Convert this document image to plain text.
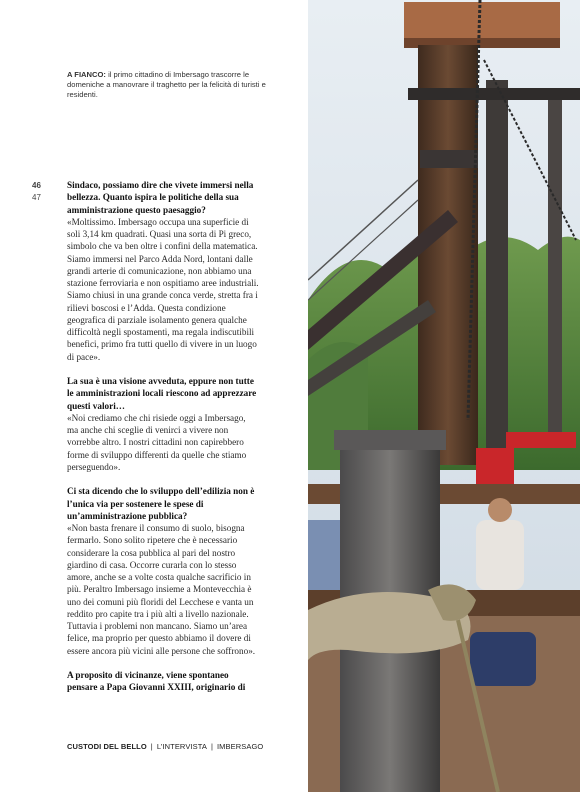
A FIANCO: il primo cittadino di Imbersago trascorre le domeniche a manovrare il traghetto per la felicità di turisti e residenti.
46
47

Sindaco, possiamo dire che vivete immersi nella bellezza. Quanto ispira le politiche della sua amministrazione questo paesaggio?
«Moltissimo. Imbersago occupa una superficie di soli 3,14 km quadrati. Quasi una sorta di Pi greco, simbolo che va ben oltre i confini della matematica. Siamo immersi nel Parco Adda Nord, lontani dalle grandi arterie di comunicazione, non abbiamo una stazione ferroviaria e non ospitiamo aree industriali. Siamo chiusi in una grande conca verde, stretta fra i rilievi boscosi e l’Adda. Questa condizione geografica di parziale isolamento genera qualche difficoltà negli spostamenti, ma regala indiscutibili benefici, primo fra tutti quello di vivere in un luogo di pace».

La sua è una visione avveduta, eppure non tutte le amministrazioni locali riescono ad apprezzare questi valori…
«Noi crediamo che chi risiede oggi a Imbersago, ma anche chi sceglie di venirci a vivere non vorrebbe altro. I nostri cittadini non capirebbero forme di sviluppo differenti da quelle che stiamo perseguendo».

Ci sta dicendo che lo sviluppo dell’edilizia non è l’unica via per sostenere le spese di un’amministrazione pubblica?
«Non basta frenare il consumo di suolo, bisogna fermarlo. Sono solito ripetere che è necessario considerare la cosa pubblica al pari del nostro giardino di casa. Occorre curarla con lo stesso amore, anche se a volte costa qualche sacrificio in più. Peraltro Imbersago insieme a Montevecchia è uno dei comuni più floridi del Lecchese e vanta un reddito pro capite tra i più alti a livello nazionale. Tuttavia i problemi non mancano. Siamo un’area felice, ma proprio per questo abbiamo il dovere di essere ancora più vicini alle persone che soffrono».

A proposito di vicinanze, viene spontaneo pensare a Papa Giovanni XXIII, originario di

CUSTODI DEL BELLO | L’INTERVISTA | IMBERSAGO
